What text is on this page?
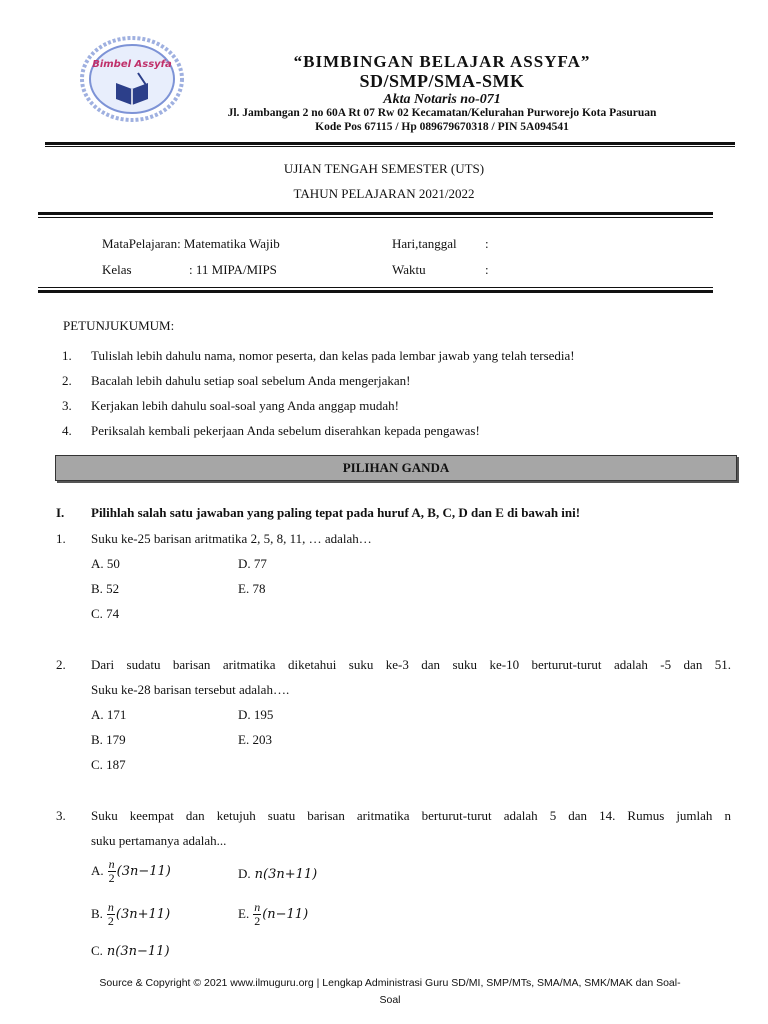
Bimbel Assyfa	“BIMBINGAN BELAJAR ASSYFA”
SD/SMP/SMA-SMK
Akta Notaris no-071
Jl. Jambangan 2 no 60A Rt 07 Rw 02 Kecamatan/Kelurahan Purworejo Kota Pasuruan
Kode Pos 67115 / Hp 089679670318 / PIN 5A094541
UJIAN TENGAH SEMESTER (UTS)
TAHUN PELAJARAN 2021/2022
MataPelajaran: Matematika Wajib
Kelas	: 11 MIPA/MIPS
Hari,tanggal :
Waktu	:
PETUNJUKUMUM:
1. Tulislah lebih dahulu nama, nomor peserta, dan kelas pada lembar jawab yang telah tersedia!
2. Bacalah lebih dahulu setiap soal sebelum Anda mengerjakan!
3. Kerjakan lebih dahulu soal-soal yang Anda anggap mudah!
4. Periksalah kembali pekerjaan Anda sebelum diserahkan kepada pengawas!
PILIHAN GANDA
I. Pilihlah salah satu jawaban yang paling tepat pada huruf A, B, C, D dan E di bawah ini!
1. Suku ke-25 barisan aritmatika 2, 5, 8, 11, … adalah…
A. 50
B. 52
C. 74
D. 77
E. 78
2. Dari sudatu barisan aritmatika diketahui suku ke-3 dan suku ke-10 berturut-turut adalah -5 dan 51.
Suku ke-28 barisan tersebut adalah….
A. 171
B. 179
C. 187
D. 195
E. 203
3. Suku keempat dan ketujuh suatu barisan aritmatika berturut-turut adalah 5 dan 14. Rumus jumlah n
suku pertamanya adalah...
A. $\frac{n}{2} (3n-11)$
B. $\frac{n}{2} (3n+11)$
C. n(3n−11)
D. n(3n+11)
E. $\frac{n}{2} (n-11)$
Source & Copyright © 2021 www.ilmuguru.org | Lengkap Administrasi Guru SD/MI, SMP/MTs, SMA/MA, SMK/MAK dan Soal-
Soal
